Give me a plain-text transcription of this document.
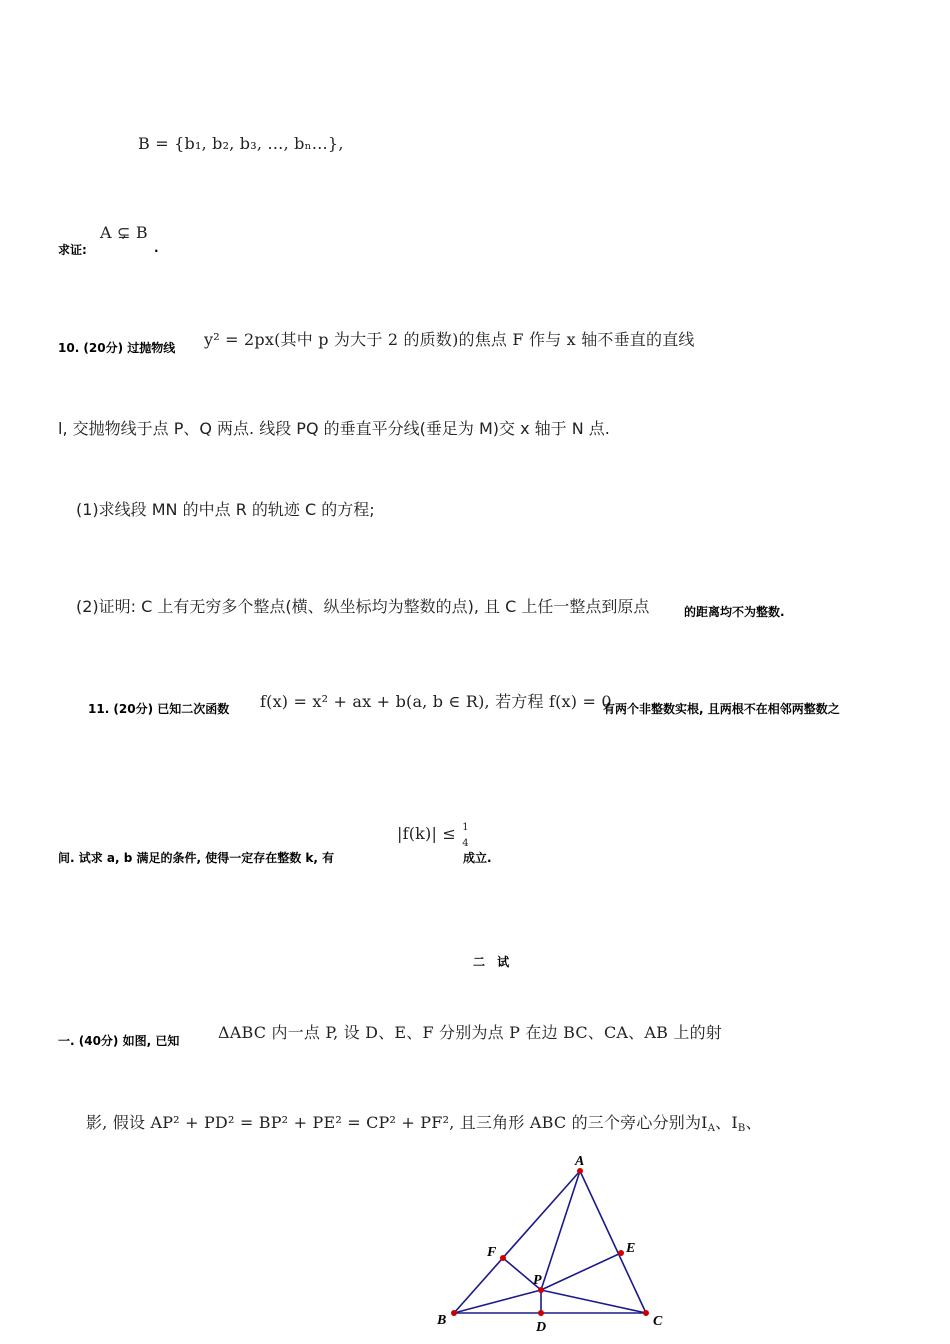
B = {b₁, b₂, b₃, …, bₙ…},
求证:
A ⊊ B
.
10. (20分) 过抛物线 y² = 2px(其中 p 为大于 2 的质数)的焦点 F 作与 x 轴不垂直的直线
l, 交抛物线于点 P、Q 两点. 线段 PQ 的垂直平分线(垂足为 M)交 x 轴于 N 点.
(1)求线段 MN 的中点 R 的轨迹 C 的方程;
(2)证明: C 上有无穷多个整点(横、纵坐标均为整数的点), 且 C 上任一整点到原点	的距离均不为整数.
11. (20分) 已知二次函数 f(x) = x² + ax + b(a, b ∈ R), 若方程 f(x) = 0
有两个非整数实根, 且两根不在相邻两整数之
间. 试求 a, b 满足的条件, 使得一定存在整数 k, 有
|f(k)| ≤ 1
4
成立.
二 试
一. (40分) 如图, 已知 ΔABC 内一点 P, 设 D、E、F 分别为点 P 在边 BC、CA、AB 上的射
影, 假设 AP² + PD² = BP² + PE² = CP² + PF², 且三角形 ABC 的三个旁心分别为$I_A$、$I_B$、
A
B	C
D
E
F
P
